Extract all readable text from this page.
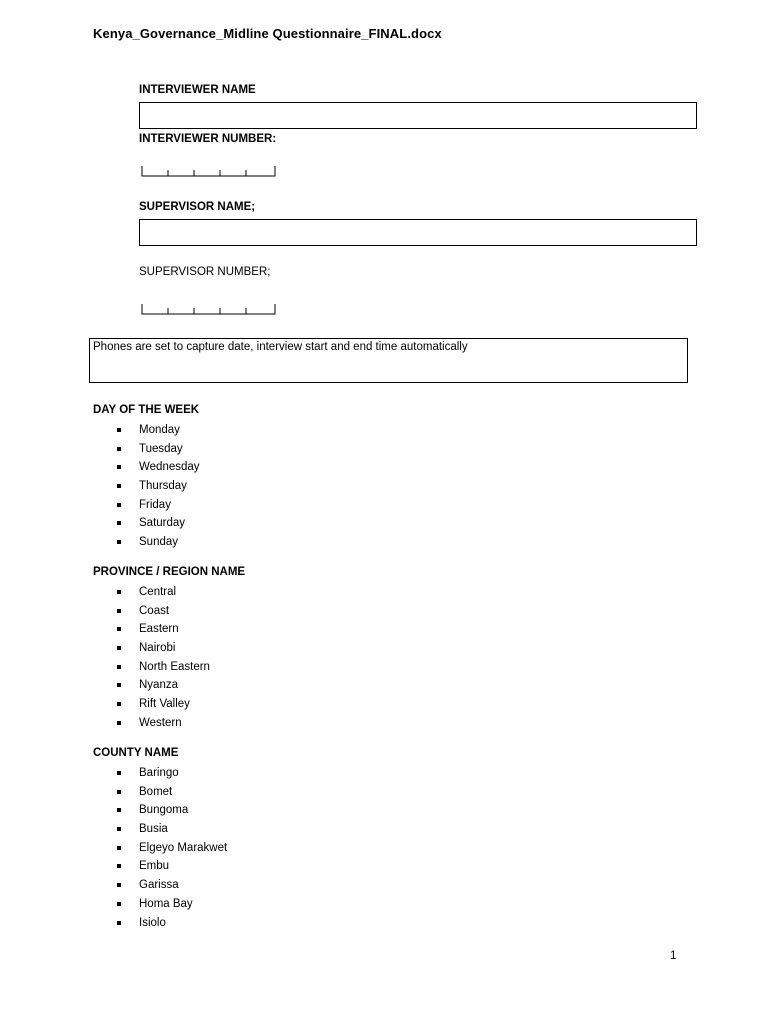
Kenya_Governance_Midline Questionnaire_FINAL.docx
INTERVIEWER NAME
INTERVIEWER NUMBER:
SUPERVISOR NAME;
SUPERVISOR NUMBER;
Phones are set to capture date, interview start and end time automatically
DAY OF THE WEEK
Monday
Tuesday
Wednesday
Thursday
Friday
Saturday
Sunday
PROVINCE / REGION NAME
Central
Coast
Eastern
Nairobi
North Eastern
Nyanza
Rift Valley
Western
COUNTY NAME
Baringo
Bomet
Bungoma
Busia
Elgeyo Marakwet
Embu
Garissa
Homa Bay
Isiolo
1
